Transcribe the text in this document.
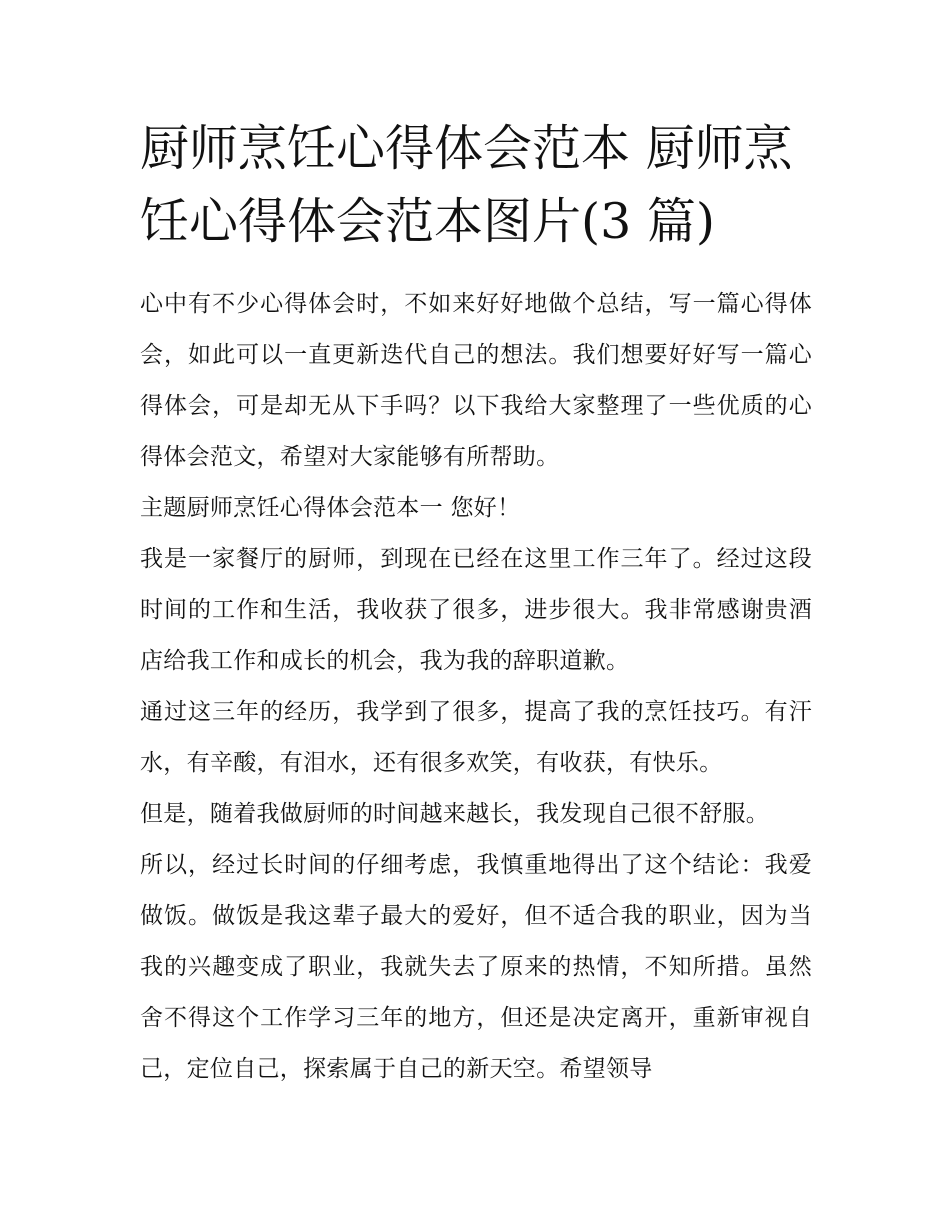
厨师烹饪心得体会范本 厨师烹饪心得体会范本图片(3 篇)

心中有不少心得体会时，不如来好好地做个总结，写一篇心得体会，如此可以一直更新迭代自己的想法。我们想要好好写一篇心得体会，可是却无从下手吗？以下我给大家整理了一些优质的心得体会范文，希望对大家能够有所帮助。

主题厨师烹饪心得体会范本一 您好！

我是一家餐厅的厨师，到现在已经在这里工作三年了。经过这段时间的工作和生活，我收获了很多，进步很大。我非常感谢贵酒店给我工作和成长的机会，我为我的辞职道歉。

通过这三年的经历，我学到了很多，提高了我的烹饪技巧。有汗水，有辛酸，有泪水，还有很多欢笑，有收获，有快乐。

但是，随着我做厨师的时间越来越长，我发现自己很不舒服。

所以，经过长时间的仔细考虑，我慎重地得出了这个结论：我爱做饭。做饭是我这辈子最大的爱好，但不适合我的职业，因为当我的兴趣变成了职业，我就失去了原来的热情，不知所措。虽然舍不得这个工作学习三年的地方，但还是决定离开，重新审视自己，定位自己，探索属于自己的新天空。希望领导
